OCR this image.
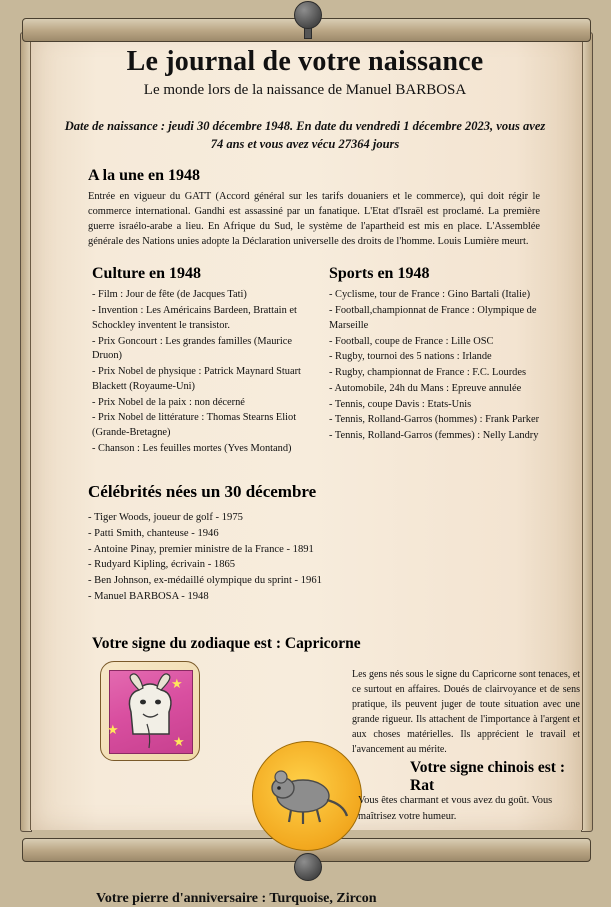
Le journal de votre naissance

Le monde lors de la naissance de Manuel BARBOSA

Date de naissance : jeudi 30 décembre 1948. En date du vendredi 1 décembre 2023, vous avez 74 ans et vous avez vécu 27364 jours

A la une en 1948

Entrée en vigueur du GATT (Accord général sur les tarifs douaniers et le commerce), qui doit régir le commerce international. Gandhi est assassiné par un fanatique. L'Etat d'Israël est proclamé. La première guerre israélo-arabe a lieu. En Afrique du Sud, le système de l'apartheid est mis en place. L'Assemblée générale des Nations unies adopte la Déclaration universelle des droits de l'homme. Louis Lumière meurt.

Culture en 1948
- Film : Jour de fête (de Jacques Tati)
- Invention : Les Américains Bardeen, Brattain et Schockley inventent le transistor.
- Prix Goncourt : Les grandes familles (Maurice Druon)
- Prix Nobel de physique : Patrick Maynard Stuart Blackett (Royaume-Uni)
- Prix Nobel de la paix : non décerné
- Prix Nobel de littérature : Thomas Stearns Eliot (Grande-Bretagne)
- Chanson : Les feuilles mortes (Yves Montand)
Sports en 1948
- Cyclisme, tour de France : Gino Bartali (Italie)
- Football,championnat de France : Olympique de Marseille
- Football, coupe de France : Lille OSC
- Rugby, tournoi des 5 nations : Irlande
- Rugby, championnat de France : F.C. Lourdes
- Automobile, 24h du Mans : Epreuve annulée
- Tennis, coupe Davis : Etats-Unis
- Tennis, Rolland-Garros (hommes) : Frank Parker
- Tennis, Rolland-Garros (femmes) : Nelly Landry
Célébrités nées un 30 décembre
- Tiger Woods, joueur de golf - 1975
- Patti Smith, chanteuse - 1946
- Antoine Pinay, premier ministre de la France - 1891
- Rudyard Kipling, écrivain - 1865
- Ben Johnson, ex-médaillé olympique du sprint - 1961
- Manuel BARBOSA - 1948
Votre signe du zodiaque est : Capricorne
★
★
★

Les gens nés sous le signe du Capricorne sont tenaces, et ce surtout en affaires. Doués de clairvoyance et de sens pratique, ils peuvent juger de toute situation avec une grande rigueur. Ils attachent de l'importance à l'argent et aux choses matérielles. Ils apprécient le travail et l'avancement au mérite.

Votre signe chinois est : Rat

Vous êtes charmant et vous avez du goût. Vous maîtrisez votre humeur.

Votre pierre d'anniversaire : Turquoise, Zircon
